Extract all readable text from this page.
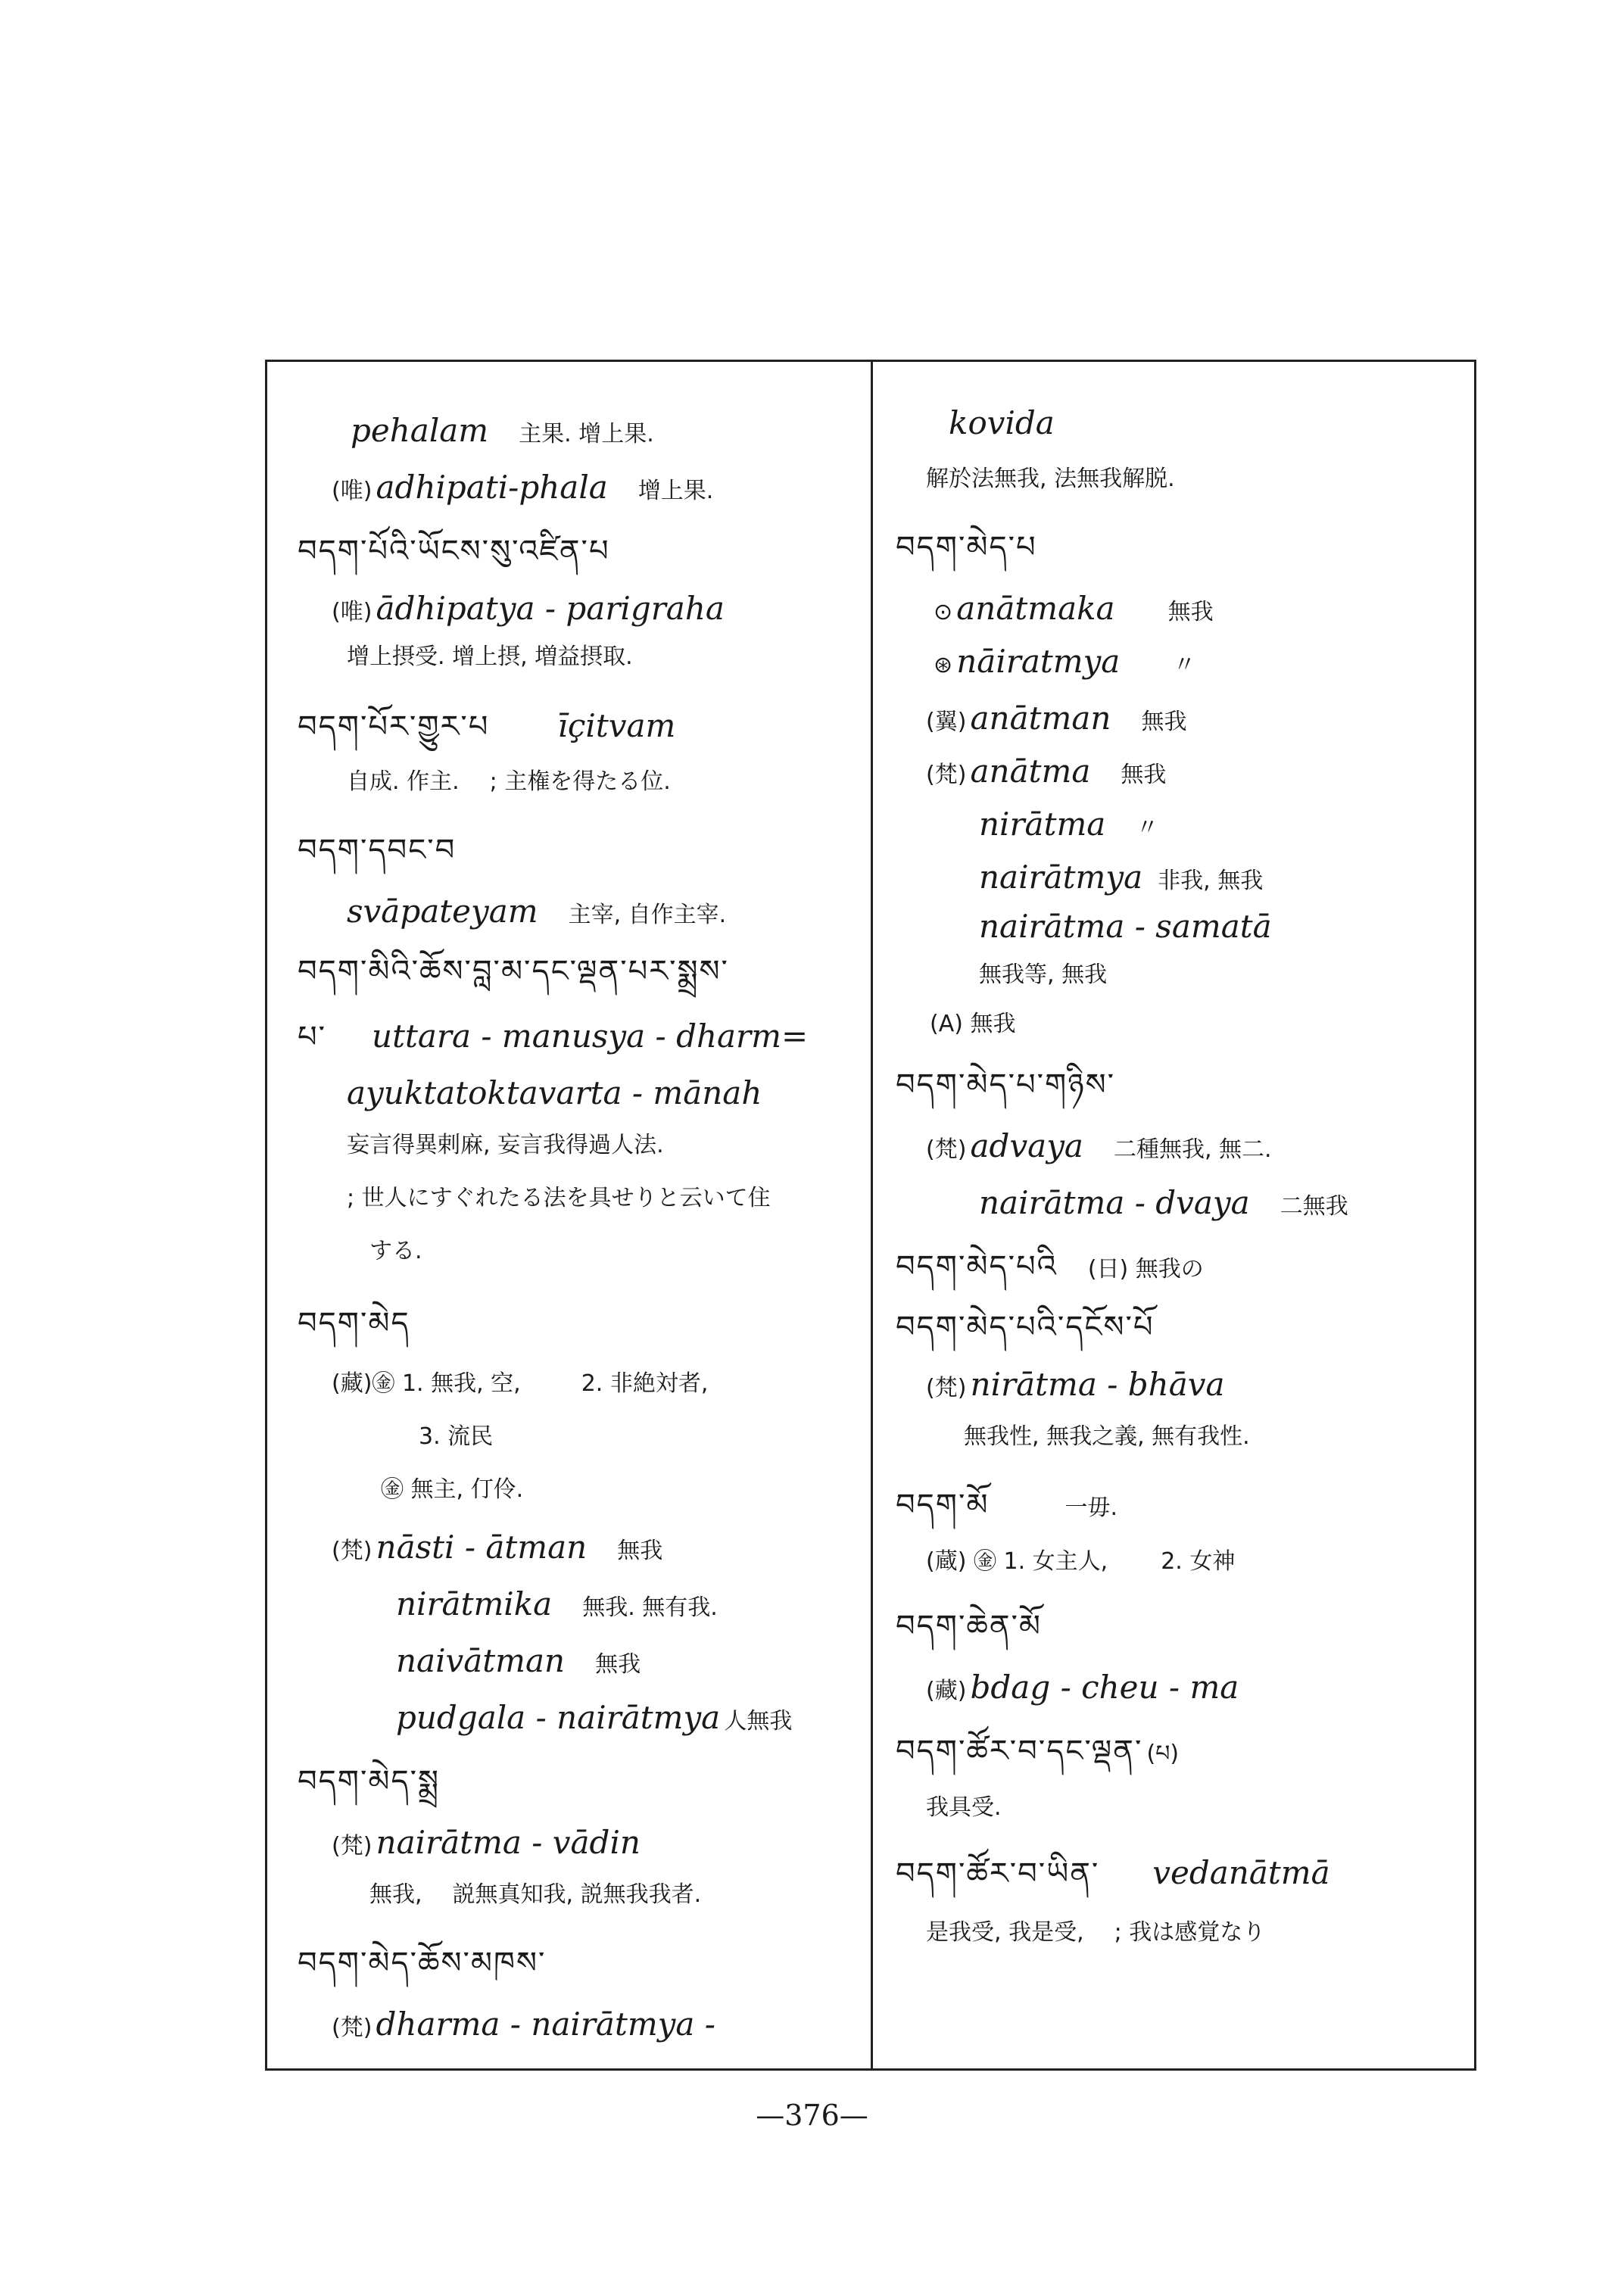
pehalam 主果. 增上果.
(唯) adhipati-phala 增上果.
བདག་པོའི་ཡོངས་སུ་འཛིན་པ
(唯) ādhipatya - parigraha
增上摂受. 增上摂, 増益摂取.
བདག་པོར་གྱུར་པ īçitvam
自成. 作主. ; 主権を得たる位.
བདག་དབང་བ
svāpateyam 主宰, 自作主宰.
བདག་མིའི་ཆོས་བླ་མ་དང་ལྡན་པར་སྨྲས་
པ་ uttara - manusya - dharm=
ayuktatoktavarta - mānah
妄言得異剌麻, 妄言我得過人法.
; 世人にすぐれたる法を具せりと云いて住
する.
བདག་མེད
(藏)㊎ 1. 無我, 空,	2. 非絶対者,
3. 流民
㊎ 無主, 仃伶.
(梵) nāsti - ātman 無我
nirātmika 無我. 無有我.
naivātman 無我
pudgala - nairātmya 人無我
བདག་མེད་སྨྲ
(梵) nairātma - vādin
無我, 説無真知我, 説無我我者.
བདག་མེད་ཆོས་མཁས་
(梵) dharma - nairātmya -
kovida
解於法無我, 法無我解脱.
བདག་མེད་པ
⊙ anātmaka 無我
⊛ nāiratmya 〃
(翼) anātman 無我
(梵) anātma 無我
nirātma 〃
nairātmya 非我, 無我
nairātma - samatā
無我等, 無我
(A) 無我
བདག་མེད་པ་གཉིས་
(梵) advaya 二種無我, 無二.
nairātma - dvaya 二無我
བདག་མེད་པའི (日) 無我の
བདག་མེད་པའི་དངོས་པོ
(梵) nirātma - bhāva
無我性, 無我之義, 無有我性.
བདག་མོ	一毋.
(蔵) ㊎ 1. 女主人, 2. 女神
བདག་ཆེན་མོ
(藏) bdag - cheu - ma
བདག་ཚོར་བ་དང་ལྡན་ (པ)
我具受.
བདག་ཚོར་བ་ཡིན་ vedanātmā
是我受, 我是受, ; 我は感覚なり
—376—
